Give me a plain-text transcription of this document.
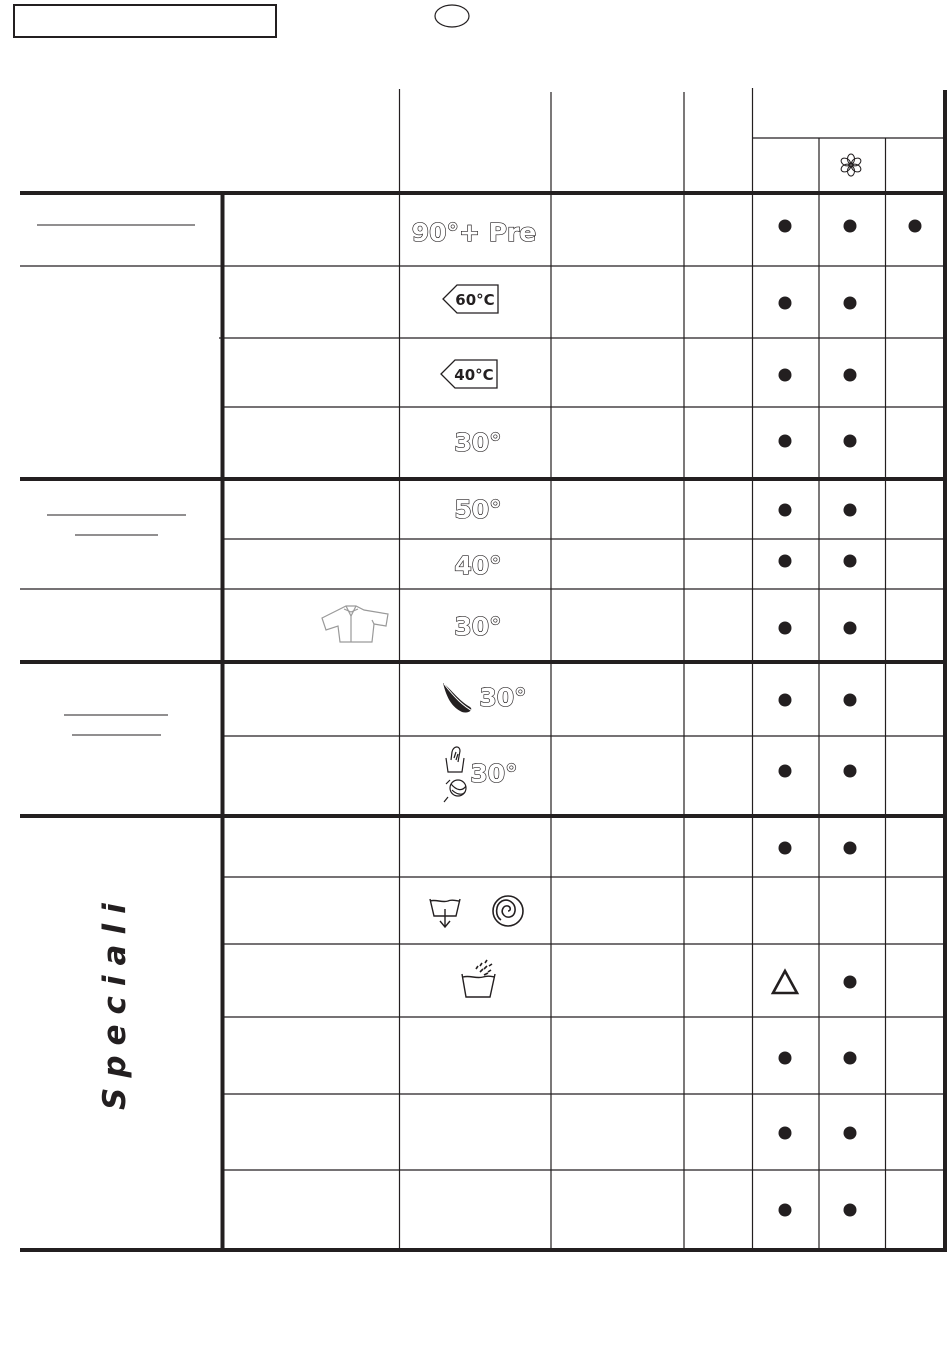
Speciali
90°+ Pre
60°C
40°C
30°
50°
40°
30°
30°
30°
